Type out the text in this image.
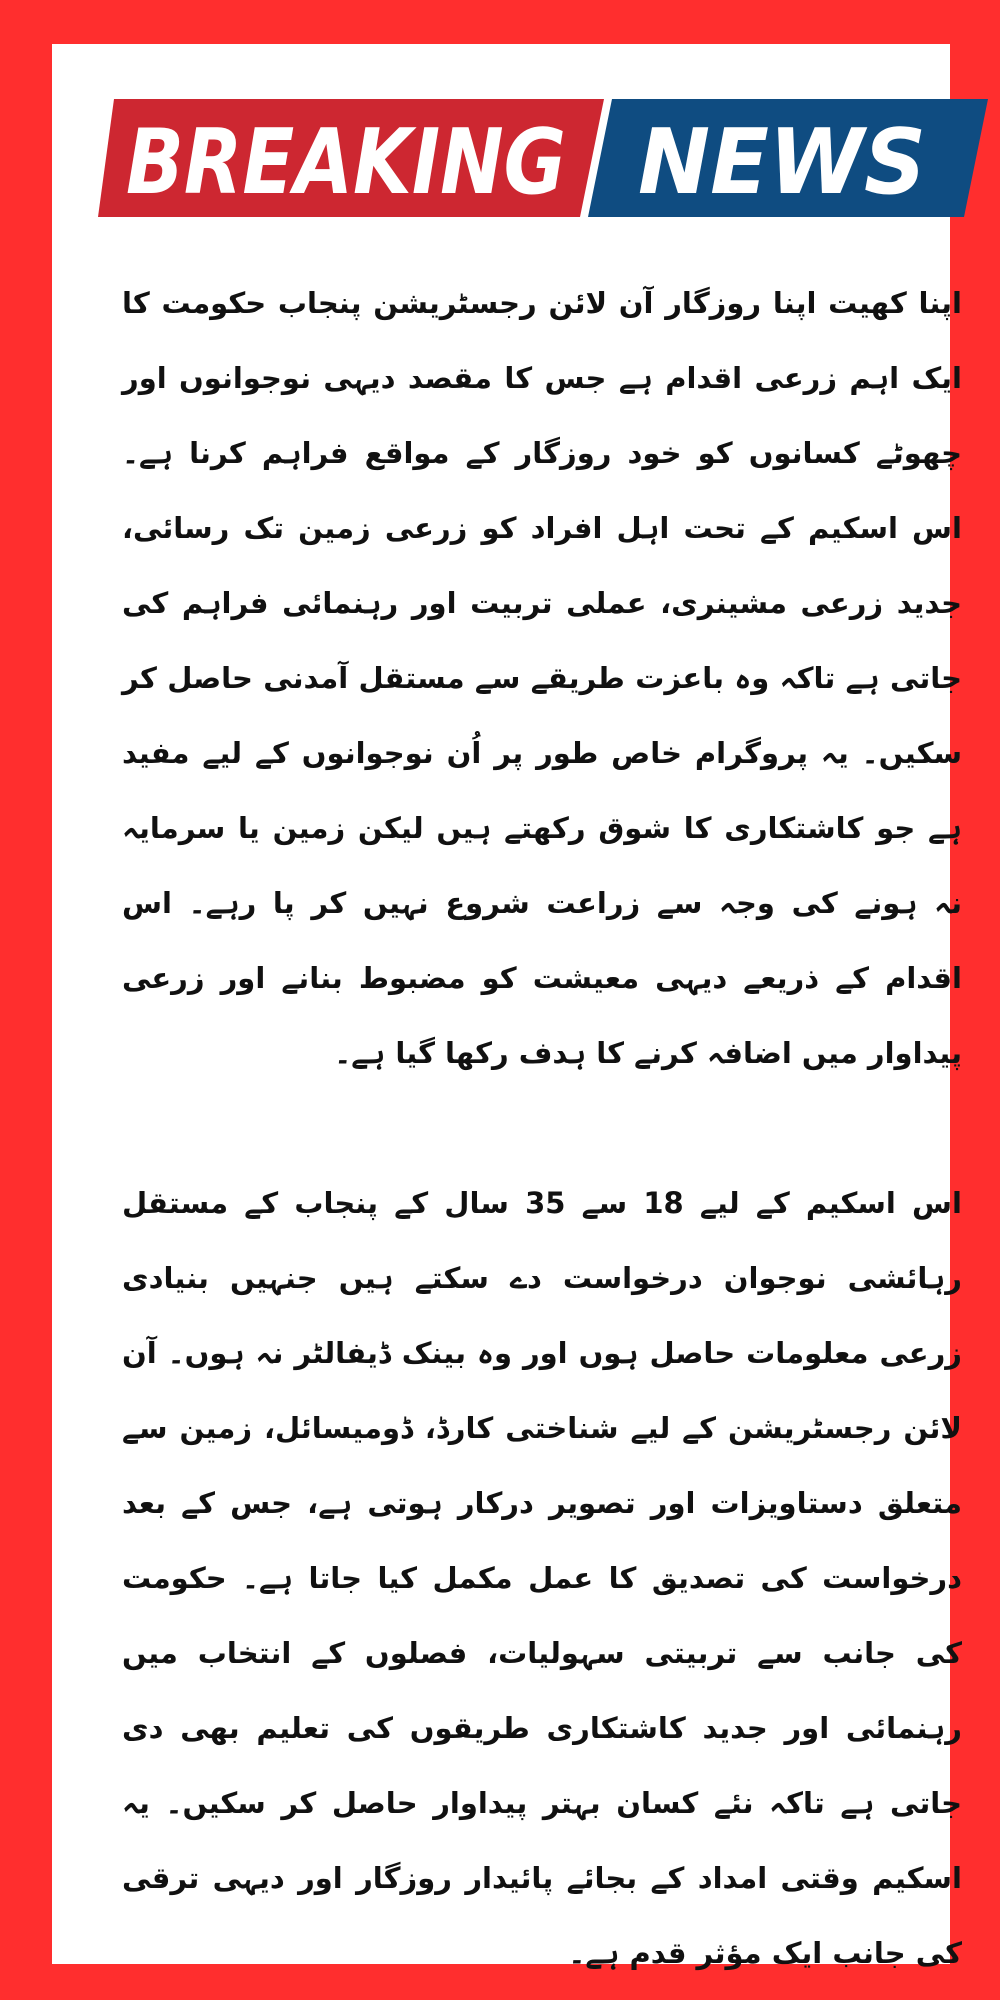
BREAKING NEWS

اپنا کھیت اپنا روزگار آن لائن رجسٹریشن پنجاب حکومت کا ایک اہم زرعی اقدام ہے جس کا مقصد دیہی نوجوانوں اور چھوٹے کسانوں کو خود روزگار کے مواقع فراہم کرنا ہے۔ اس اسکیم کے تحت اہل افراد کو زرعی زمین تک رسائی، جدید زرعی مشینری، عملی تربیت اور رہنمائی فراہم کی جاتی ہے تاکہ وہ باعزت طریقے سے مستقل آمدنی حاصل کر سکیں۔ یہ پروگرام خاص طور پر اُن نوجوانوں کے لیے مفید ہے جو کاشتکاری کا شوق رکھتے ہیں لیکن زمین یا سرمایہ نہ ہونے کی وجہ سے زراعت شروع نہیں کر پا رہے۔ اس اقدام کے ذریعے دیہی معیشت کو مضبوط بنانے اور زرعی پیداوار میں اضافہ کرنے کا ہدف رکھا گیا ہے۔

اس اسکیم کے لیے 18 سے 35 سال کے پنجاب کے مستقل رہائشی نوجوان درخواست دے سکتے ہیں جنہیں بنیادی زرعی معلومات حاصل ہوں اور وہ بینک ڈیفالٹر نہ ہوں۔ آن لائن رجسٹریشن کے لیے شناختی کارڈ، ڈومیسائل، زمین سے متعلق دستاویزات اور تصویر درکار ہوتی ہے، جس کے بعد درخواست کی تصدیق کا عمل مکمل کیا جاتا ہے۔ حکومت کی جانب سے تربیتی سہولیات، فصلوں کے انتخاب میں رہنمائی اور جدید کاشتکاری طریقوں کی تعلیم بھی دی جاتی ہے تاکہ نئے کسان بہتر پیداوار حاصل کر سکیں۔ یہ اسکیم وقتی امداد کے بجائے پائیدار روزگار اور دیہی ترقی کی جانب ایک مؤثر قدم ہے۔
